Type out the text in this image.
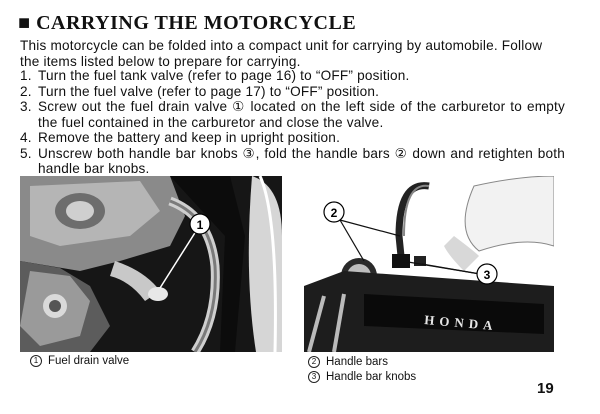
■ CARRYING THE MOTORCYCLE
This motorcycle can be folded into a compact unit for carrying by automobile. Follow the items listed below to prepare for carrying.
1. Turn the fuel tank valve (refer to page 16) to “OFF” position.
2. Turn the fuel valve (refer to page 17) to “OFF” position.
3. Screw out the fuel drain valve ① located on the left side of the carburetor to empty the fuel contained in the carburetor and close the valve.
4. Remove the battery and keep in upright position.
5. Unscrew both handle bar knobs ③, fold the handle bars ② down and retighten both handle bar knobs.
1
HONDA
2
3
1 Fuel drain valve	2 Handle bars
3 Handle bar knobs
19
